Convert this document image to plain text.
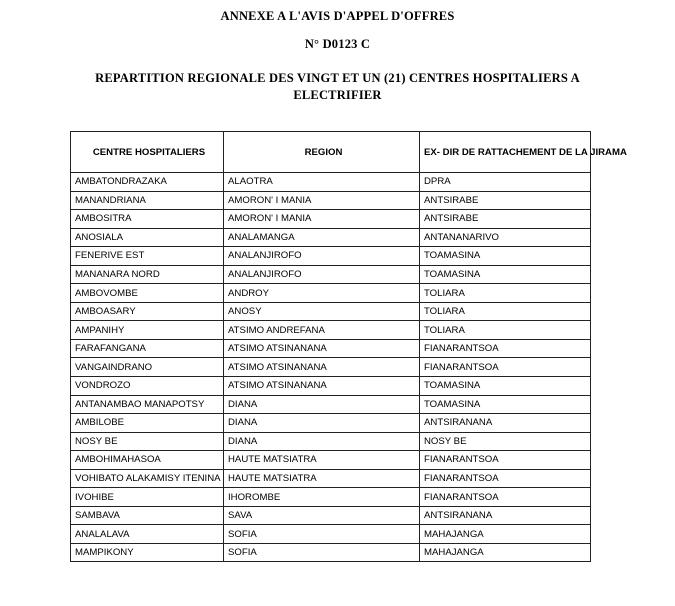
ANNEXE A L'AVIS D'APPEL D'OFFRES
N° D0123 C
REPARTITION REGIONALE DES VINGT ET UN (21) CENTRES HOSPITALIERS A ELECTRIFIER
CENTRE HOSPITALIERS	REGION	EX- DIR DE RATTACHEMENT DE LA JIRAMA
AMBATONDRAZAKA	ALAOTRA	DPRA
MANANDRIANA	AMORON' I MANIA	ANTSIRABE
AMBOSITRA	AMORON' I MANIA	ANTSIRABE
ANOSIALA	ANALAMANGA	ANTANANARIVO
FENERIVE EST	ANALANJIROFO	TOAMASINA
MANANARA NORD	ANALANJIROFO	TOAMASINA
AMBOVOMBE	ANDROY	TOLIARA
AMBOASARY	ANOSY	TOLIARA
AMPANIHY	ATSIMO ANDREFANA	TOLIARA
FARAFANGANA	ATSIMO ATSINANANA	FIANARANTSOA
VANGAINDRANO	ATSIMO ATSINANANA	FIANARANTSOA
VONDROZO	ATSIMO ATSINANANA	TOAMASINA
ANTANAMBAO MANAPOTSY	DIANA	TOAMASINA
AMBILOBE	DIANA	ANTSIRANANA
NOSY BE	DIANA	NOSY BE
AMBOHIMAHASOA	HAUTE MATSIATRA	FIANARANTSOA
VOHIBATO ALAKAMISY ITENINA	HAUTE MATSIATRA	FIANARANTSOA
IVOHIBE	IHOROMBE	FIANARANTSOA
SAMBAVA	SAVA	ANTSIRANANA
ANALALAVA	SOFIA	MAHAJANGA
MAMPIKONY	SOFIA	MAHAJANGA
